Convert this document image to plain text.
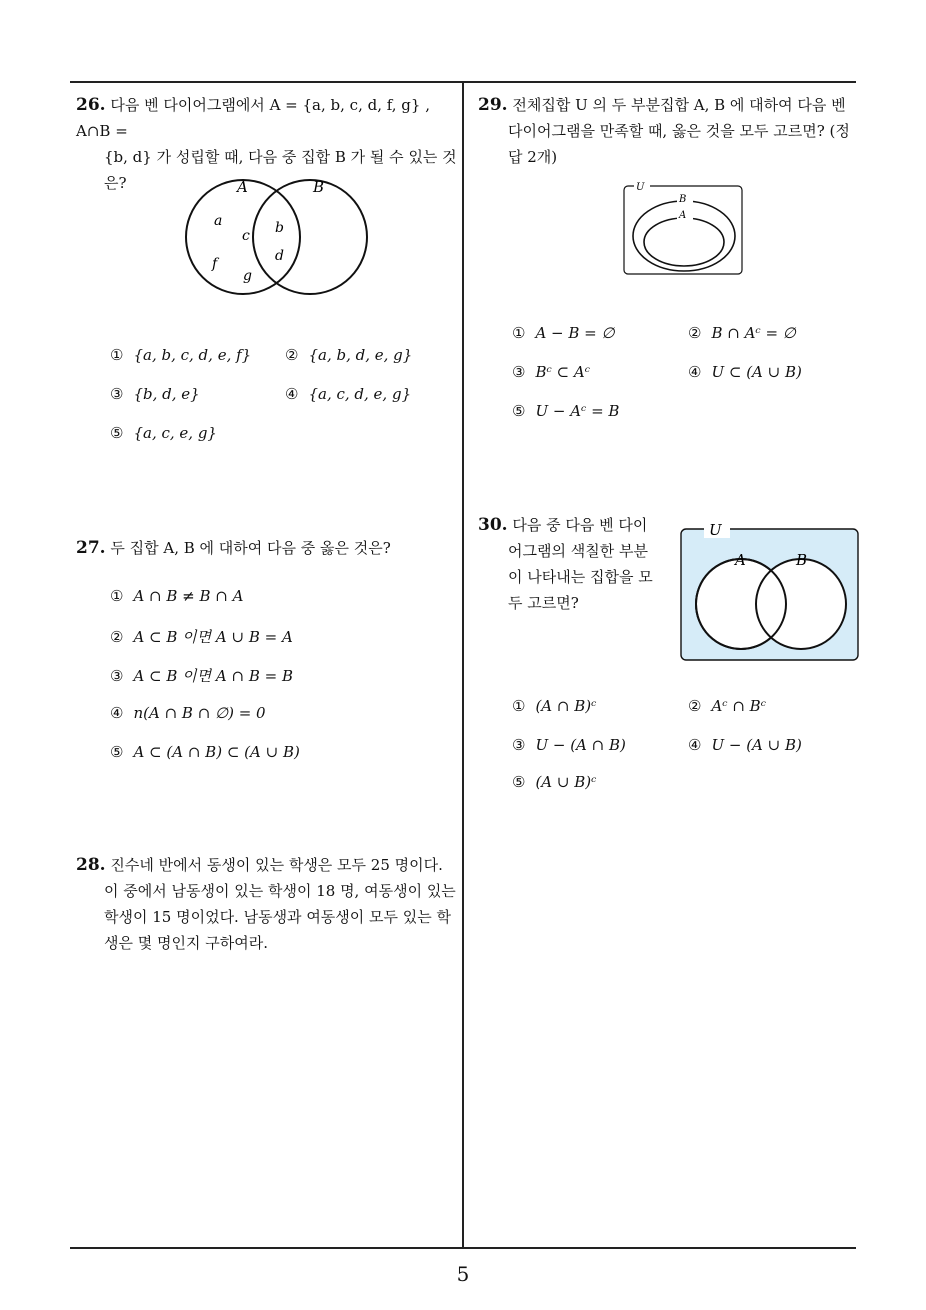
26. 다음 벤 다이어그램에서 A = {a, b, c, d, f, g} , A∩B =
{b, d} 가 성립할 때, 다음 중 집합 B 가 될 수 있는 것
은?	A	B
a
c
f
g
b
d
① {a, b, c, d, e, f} ② {a, b, d, e, g}
③ {b, d, e}	④ {a, c, d, e, g}
⑤ {a, c, e, g}
27. 두 집합 A, B 에 대하여 다음 중 옳은 것은?
① A ∩ B ≠ B ∩ A
② A ⊂ B 이면 A ∪ B = A
③ A ⊂ B 이면 A ∩ B = B
④ n(A ∩ B ∩ ∅) = 0
⑤ A ⊂ (A ∩ B) ⊂ (A ∪ B)
28. 진수네 반에서 동생이 있는 학생은 모두 25 명이다.
이 중에서 남동생이 있는 학생이 18 명, 여동생이 있는
학생이 15 명이었다. 남동생과 여동생이 모두 있는 학
생은 몇 명인지 구하여라.
29. 전체집합 U 의 두 부분집합 A, B 에 대하여 다음 벤
다이어그램을 만족할 때, 옳은 것을 모두 고르면? (정
답 2개)
U
B
A
① A − B = ∅	② B ∩ Aᶜ = ∅
③ Bᶜ ⊂ Aᶜ	④ U ⊂ (A ∪ B)
⑤ U − Aᶜ = B
30. 다음 중 다음 벤 다이
어그램의 색칠한 부분
이 나타내는 집합을 모
두 고르면?
U
A	B
① (A ∩ B)ᶜ	② Aᶜ ∩ Bᶜ
③ U − (A ∩ B)	④ U − (A ∪ B)
⑤ (A ∪ B)ᶜ
5
